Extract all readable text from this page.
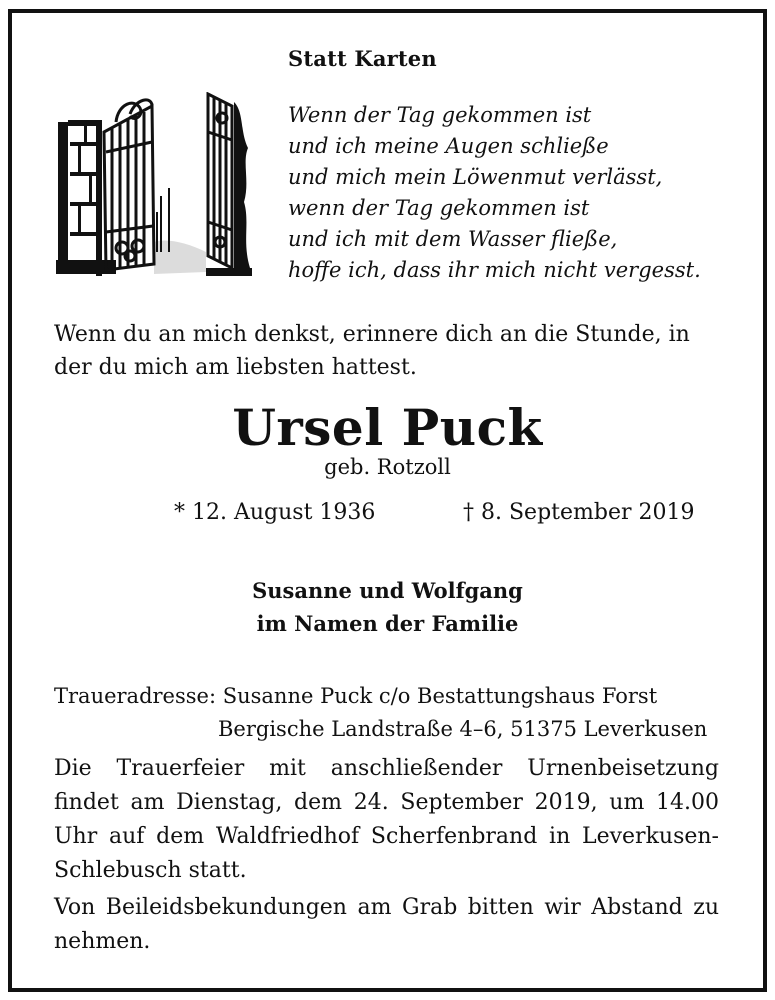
Statt Karten
Wenn der Tag gekommen ist
und ich meine Augen schließe
und mich mein Löwenmut verlässt,
wenn der Tag gekommen ist
und ich mit dem Wasser fließe,
hoffe ich, dass ihr mich nicht vergesst.
Wenn du an mich denkst, erinnere dich an die Stunde, in der du mich am liebsten hattest.
Ursel Puck
geb. Rotzoll
* 12. August 1936	† 8. September 2019
Susanne und Wolfgang
im Namen der Familie
Traueradresse: Susanne Puck c/o Bestattungshaus Forst
Bergische Landstraße 4–6, 51375 Leverkusen
Die Trauerfeier mit anschließender Urnenbeisetzung findet am Dienstag, dem 24. September 2019, um 14.00 Uhr auf dem Waldfriedhof Scherfenbrand in Leverkusen-Schlebusch statt.
Von Beileidsbekundungen am Grab bitten wir Abstand zu nehmen.
